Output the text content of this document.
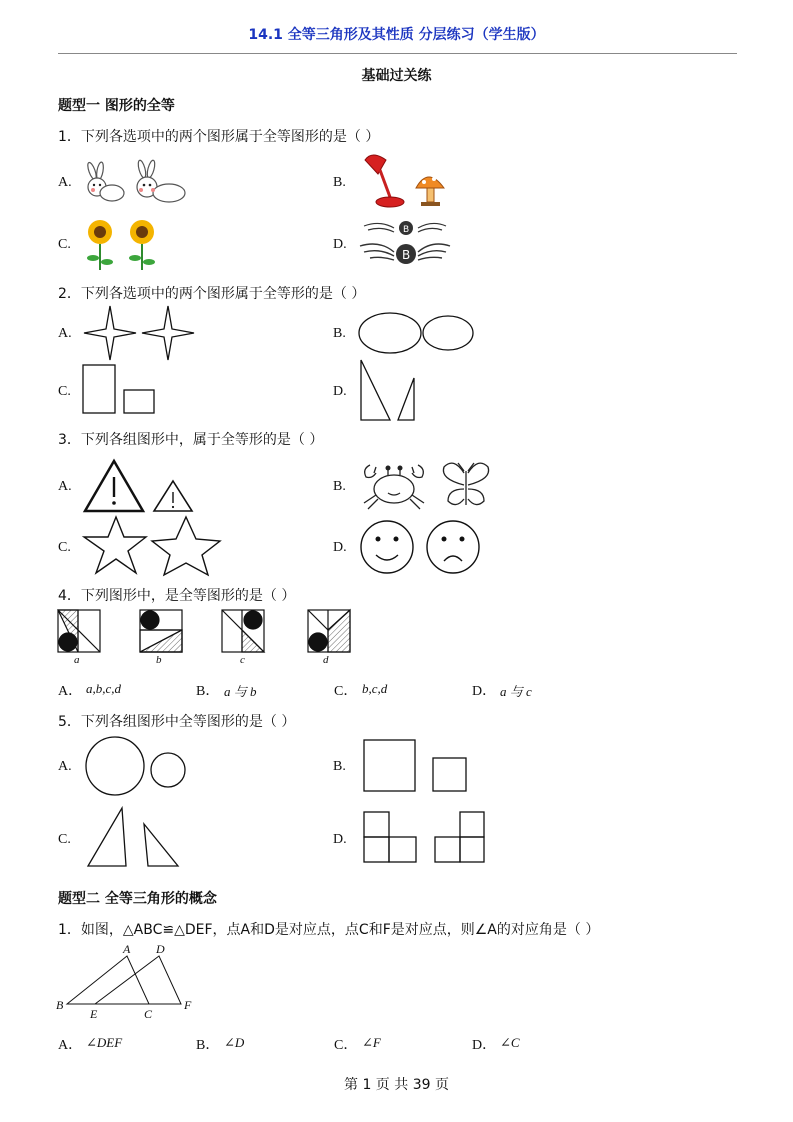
14.1 全等三角形及其性质 分层练习（学生版）
基础过关练
题型一 图形的全等
1．下列各选项中的两个图形属于全等图形的是（ ）
A.	B.
C.	D.
B
B
2．下列各选项中的两个图形属于全等形的是（ ）
A.	B.
C.	D.
3．下列各组图形中，属于全等形的是（ ）
A.	B.
C.	D.
4．下列图形中，是全等图形的是（ ）
a	b	c	d
A． a,b,c,d	B． a 与 b	C． b,c,d	D． a 与 c
5．下列各组图形中全等图形的是（ ）
A.	B.
C.	D.
题型二 全等三角形的概念
1．如图，△ABC≌△DEF，点A和D是对应点，点C和F是对应点，则∠A的对应角是（ ）
A D
B
E	C
F
A． ∠DEF	B． ∠D	C． ∠F	D． ∠C
第 1 页 共 39 页
